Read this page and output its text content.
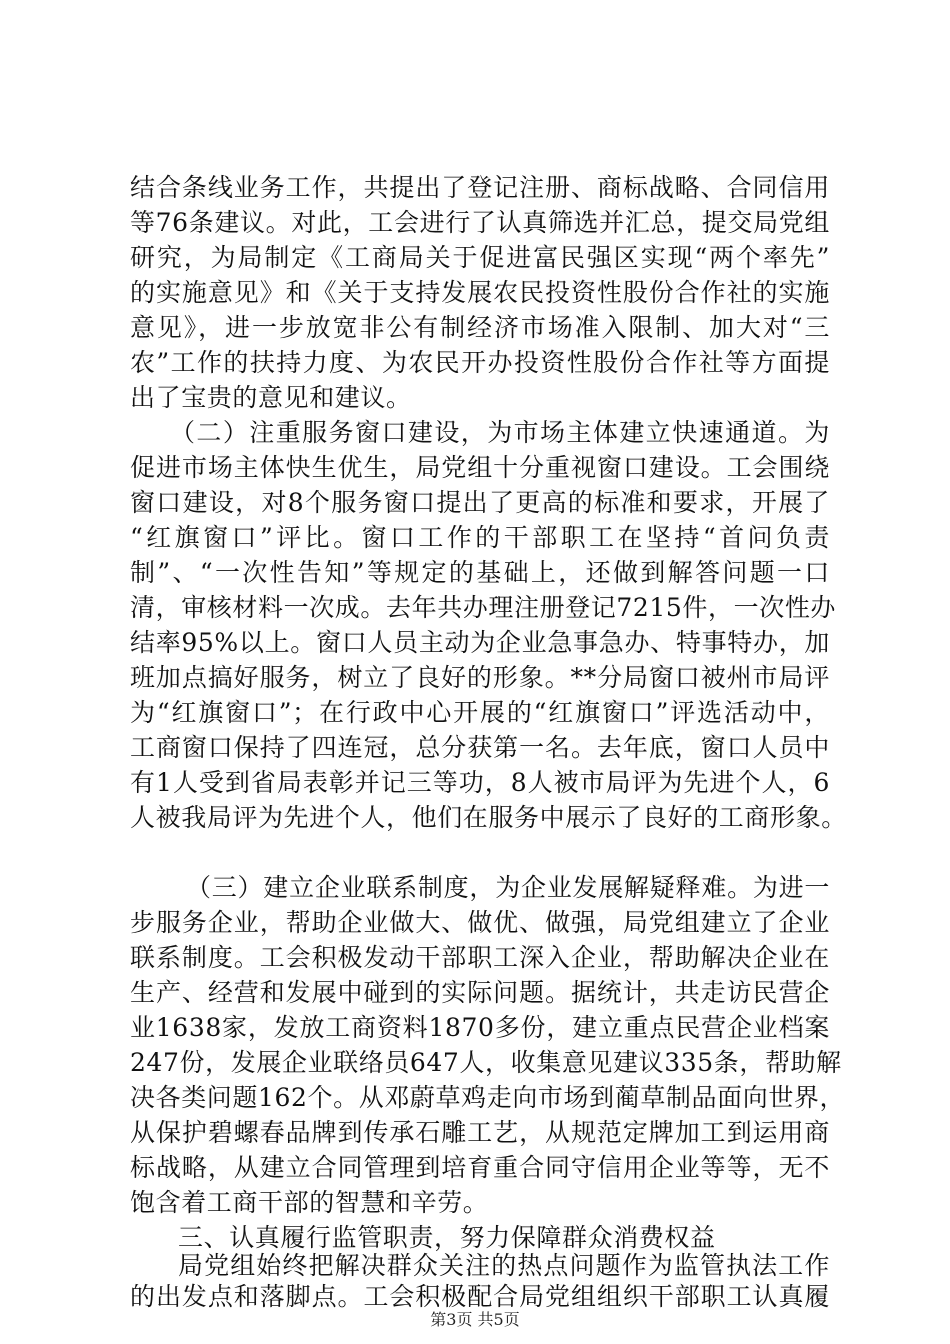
结合条线业务工作，共提出了登记注册、商标战略、合同信用
等76条建议。对此，工会进行了认真筛选并汇总，提交局党组
研究，为局制定《工商局关于促进富民强区实现“两个率先”
的实施意见》和《关于支持发展农民投资性股份合作社的实施
意见》，进一步放宽非公有制经济市场准入限制、加大对“三
农”工作的扶持力度、为农民开办投资性股份合作社等方面提
出了宝贵的意见和建议。
（二）注重服务窗口建设，为市场主体建立快速通道。为
促进市场主体快生优生，局党组十分重视窗口建设。工会围绕
窗口建设，对8个服务窗口提出了更高的标准和要求，开展了
“红旗窗口”评比。窗口工作的干部职工在坚持“首问负责
制”、“一次性告知”等规定的基础上，还做到解答问题一口
清，审核材料一次成。去年共办理注册登记7215件，一次性办
结率95%以上。窗口人员主动为企业急事急办、特事特办，加
班加点搞好服务，树立了良好的形象。**分局窗口被州市局评
为“红旗窗口”；在行政中心开展的“红旗窗口”评选活动中，
工商窗口保持了四连冠，总分获第一名。去年底，窗口人员中
有1人受到省局表彰并记三等功，8人被市局评为先进个人，6
人被我局评为先进个人，他们在服务中展示了良好的工商形象。
（三）建立企业联系制度，为企业发展解疑释难。为进一
步服务企业，帮助企业做大、做优、做强，局党组建立了企业
联系制度。工会积极发动干部职工深入企业，帮助解决企业在
生产、经营和发展中碰到的实际问题。据统计，共走访民营企
业1638家，发放工商资料1870多份，建立重点民营企业档案
247份，发展企业联络员647人，收集意见建议335条，帮助解
决各类问题162个。从邓蔚草鸡走向市场到蔺草制品面向世界，
从保护碧螺春品牌到传承石雕工艺，从规范定牌加工到运用商
标战略，从建立合同管理到培育重合同守信用企业等等，无不
饱含着工商干部的智慧和辛劳。
三、认真履行监管职责，努力保障群众消费权益
局党组始终把解决群众关注的热点问题作为监管执法工作
的出发点和落脚点。工会积极配合局党组组织干部职工认真履
第3页 共5页
